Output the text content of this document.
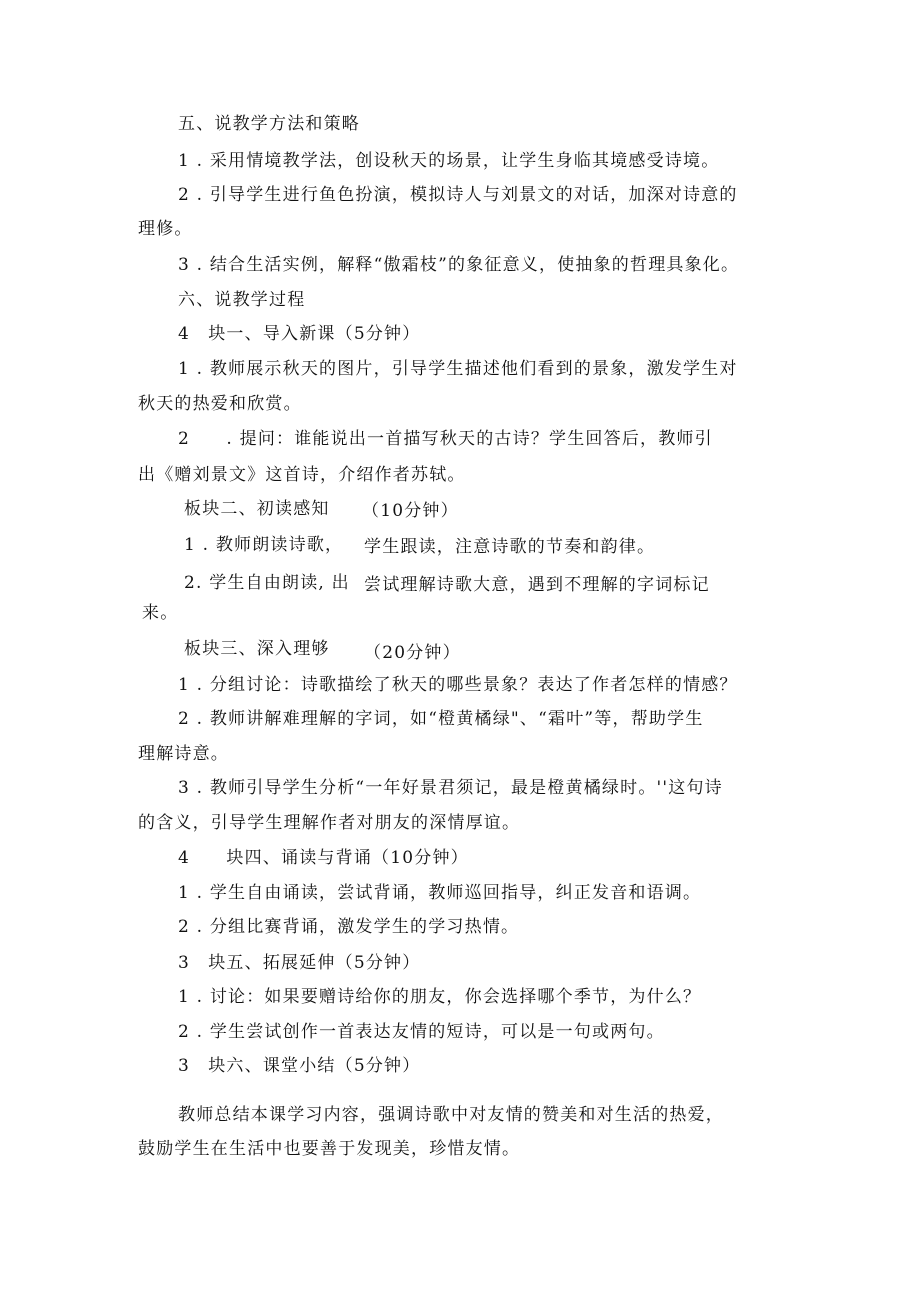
五、说教学方法和策略

1 . 采用情境教学法，创设秋天的场景，让学生身临其境感受诗境。

2 . 引导学生进行鱼色扮演，模拟诗人与刘景文的对话，加深对诗意的

理修。

3 . 结合生活实例，解释“傲霜枝”的象征意义，使抽象的哲理具象化。

六、说教学过程

4　块一、导入新课（5分钟）

1 . 教师展示秋天的图片，引导学生描述他们看到的景象，激发学生对

秋天的热爱和欣赏。

2　　. 提问：谁能说出一首描写秋天的古诗？学生回答后，教师引

出《赠刘景文》这首诗，介绍作者苏轼。

板块二、初读感知 （10分钟）

1 . 教师朗读诗歌， 学生跟读，注意诗歌的节奏和韵律。

2. 学生自由朗读, 出 尝试理解诗歌大意，遇到不理解的字词标记

来。

板块三、深入理够 （20分钟）

1 . 分组讨论：诗歌描绘了秋天的哪些景象？表达了作者怎样的情感？

2 . 教师讲解难理解的字词，如“橙黄橘绿"、“霜叶”等，帮助学生

理解诗意。

3 . 教师引导学生分析“一年好景君须记，最是橙黄橘绿时。''这句诗

的含义，引导学生理解作者对朋友的深情厚谊。

4　　块四、诵读与背诵（10分钟）

1 . 学生自由诵读，尝试背诵，教师巡回指导，纠正发音和语调。

2 . 分组比赛背诵，激发学生的学习热情。

3　块五、拓展延伸（5分钟）

1 . 讨论：如果要赠诗给你的朋友，你会选择哪个季节，为什么？

2 . 学生尝试创作一首表达友情的短诗，可以是一句或两句。

3　块六、课堂小结（5分钟）

教师总结本课学习内容，强调诗歌中对友情的赞美和对生活的热爱，

鼓励学生在生活中也要善于发现美，珍惜友情。
